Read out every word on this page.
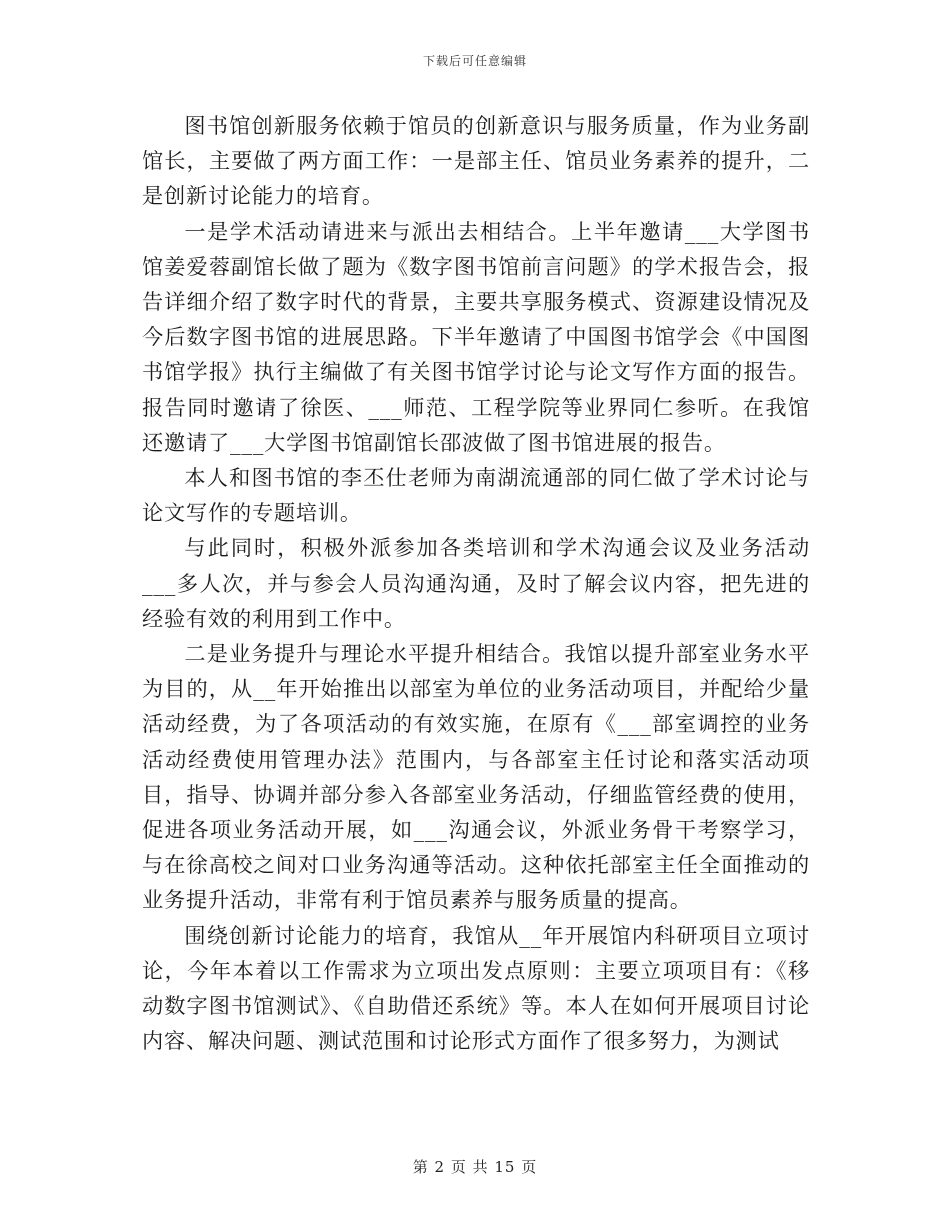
下载后可任意编辑

图书馆创新服务依赖于馆员的创新意识与服务质量，作为业务副馆长，主要做了两方面工作：一是部主任、馆员业务素养的提升，二是创新讨论能力的培育。

一是学术活动请进来与派出去相结合。上半年邀请___大学图书馆姜爱蓉副馆长做了题为《数字图书馆前言问题》的学术报告会，报告详细介绍了数字时代的背景，主要共享服务模式、资源建设情况及今后数字图书馆的进展思路。下半年邀请了中国图书馆学会《中国图书馆学报》执行主编做了有关图书馆学讨论与论文写作方面的报告。报告同时邀请了徐医、___师范、工程学院等业界同仁参听。在我馆还邀请了___大学图书馆副馆长邵波做了图书馆进展的报告。

本人和图书馆的李丕仕老师为南湖流通部的同仁做了学术讨论与论文写作的专题培训。

与此同时，积极外派参加各类培训和学术沟通会议及业务活动___多人次，并与参会人员沟通沟通，及时了解会议内容，把先进的经验有效的利用到工作中。

二是业务提升与理论水平提升相结合。我馆以提升部室业务水平为目的，从__年开始推出以部室为单位的业务活动项目，并配给少量活动经费，为了各项活动的有效实施，在原有《___部室调控的业务活动经费使用管理办法》范围内，与各部室主任讨论和落实活动项目，指导、协调并部分参入各部室业务活动，仔细监管经费的使用，促进各项业务活动开展，如___沟通会议，外派业务骨干考察学习，与在徐高校之间对口业务沟通等活动。这种依托部室主任全面推动的业务提升活动，非常有利于馆员素养与服务质量的提高。

围绕创新讨论能力的培育，我馆从__年开展馆内科研项目立项讨论，今年本着以工作需求为立项出发点原则：主要立项项目有：《移动数字图书馆测试》、《自助借还系统》等。本人在如何开展项目讨论内容、解决问题、测试范围和讨论形式方面作了很多努力，为测试

第 2 页 共 15 页
